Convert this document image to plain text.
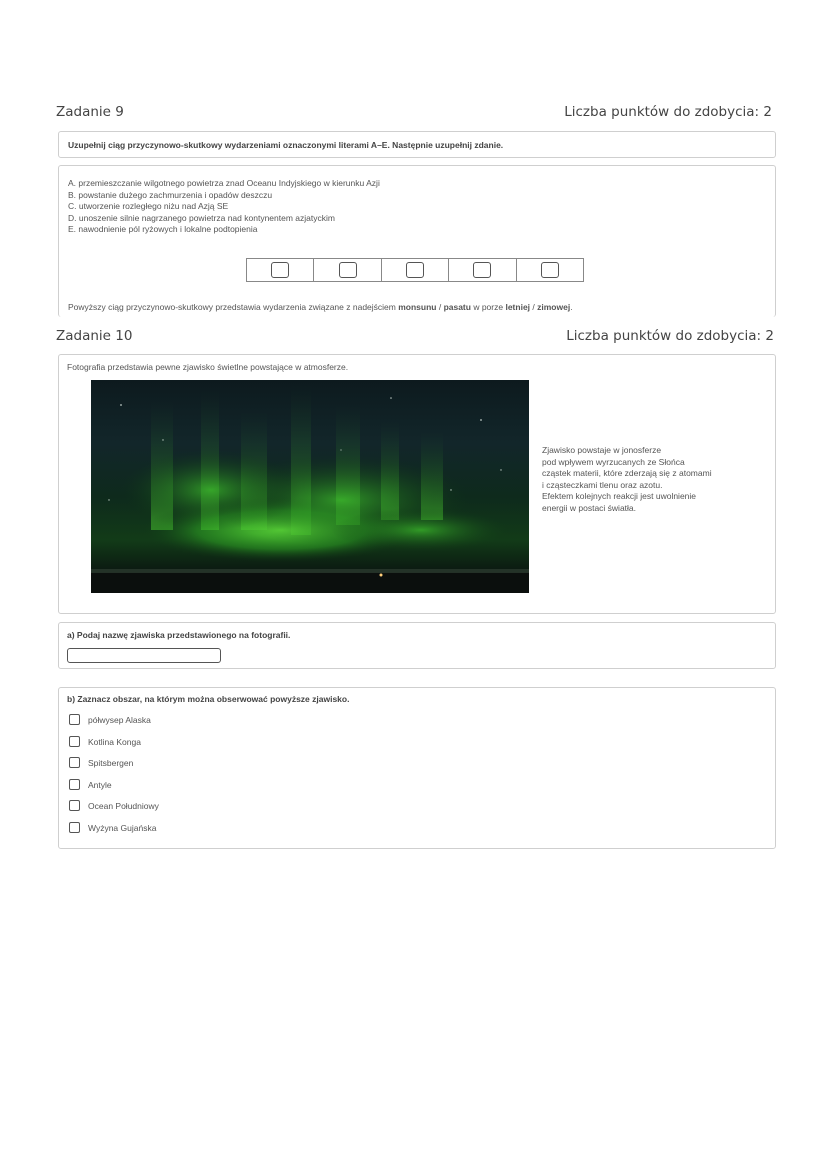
Zadanie 9	Liczba punktów do zdobycia: 2
Uzupełnij ciąg przyczynowo-skutkowy wydarzeniami oznaczonymi literami A–E. Następnie uzupełnij zdanie.
A. przemieszczanie wilgotnego powietrza znad Oceanu Indyjskiego w kierunku Azji
B. powstanie dużego zachmurzenia i opadów deszczu
C. utworzenie rozległego niżu nad Azją SE
D. unoszenie silnie nagrzanego powietrza nad kontynentem azjatyckim
E. nawodnienie pól ryżowych i lokalne podtopienia
Powyższy ciąg przyczynowo-skutkowy przedstawia wydarzenia związane z nadejściem monsunu / pasatu w porze letniej / zimowej.
Zadanie 10	Liczba punktów do zdobycia: 2
Fotografia przedstawia pewne zjawisko świetlne powstające w atmosferze.
Zjawisko powstaje w jonosferze
pod wpływem wyrzucanych ze Słońca
cząstek materii, które zderzają się z atomami
i cząsteczkami tlenu oraz azotu.
Efektem kolejnych reakcji jest uwolnienie
energii w postaci światła.
a) Podaj nazwę zjawiska przedstawionego na fotografii.
b) Zaznacz obszar, na którym można obserwować powyższe zjawisko.
półwysep Alaska
Kotlina Konga
Spitsbergen
Antyle
Ocean Południowy
Wyżyna Gujańska
